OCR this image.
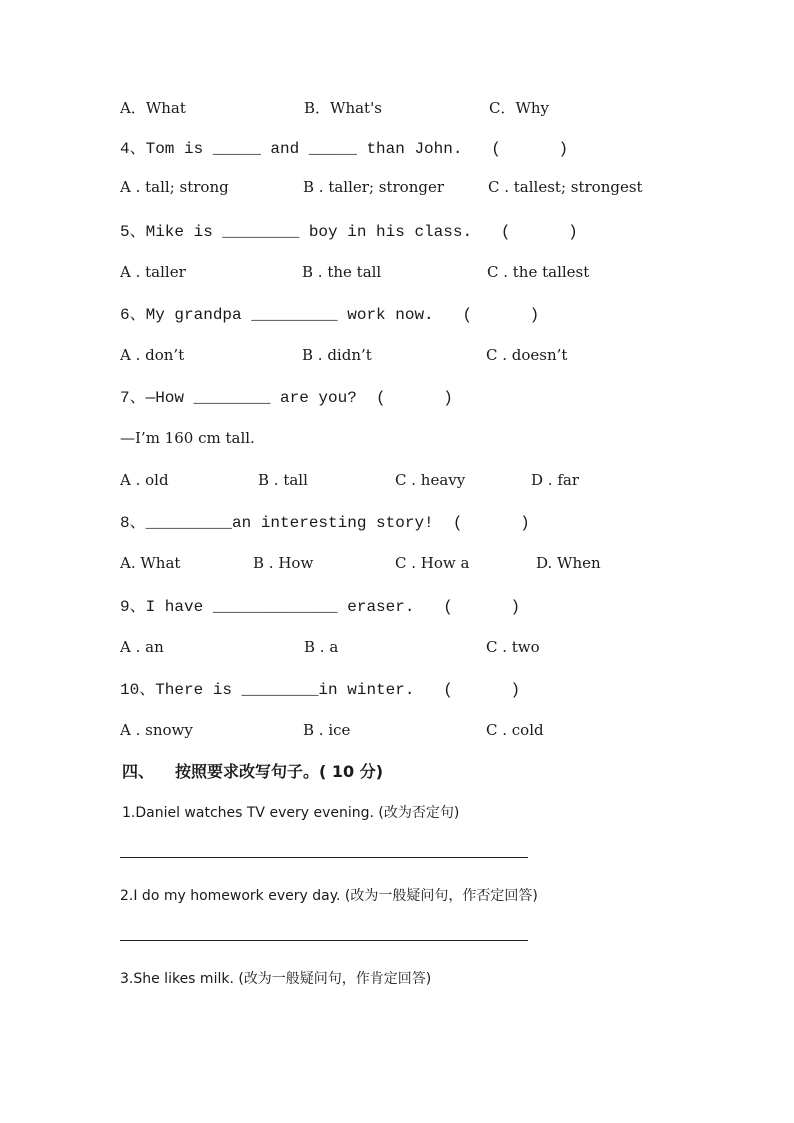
A．What	B．What's	C．Why
4、Tom is _____ and _____ than John.   (      )
A . tall; strong	B . taller; stronger	C . tallest; strongest
5、Mike is ________ boy in his class.   (      )
A . taller	B . the tall	C . the tallest
6、My grandpa _________ work now.   (      )
A . don’t	B . didn’t	C . doesn’t
7、—How ________ are you?  (      )
—I’m 160 cm tall.
A . old	B . tall	C . heavy	D . far
8、_________an interesting story!  (      )
A. What	B . How	C . How a	D. When
9、I have _____________ eraser.   (      )
A . an	B . a	C . two
10、There is ________in winter.   (      )
A . snowy	B . ice	C . cold
四、 按照要求改写句子。( 10 分)
1.Daniel watches TV every evening. (改为否定句)
2.I do my homework every day. (改为一般疑问句，作否定回答)
3.She likes milk. (改为一般疑问句，作肯定回答)
